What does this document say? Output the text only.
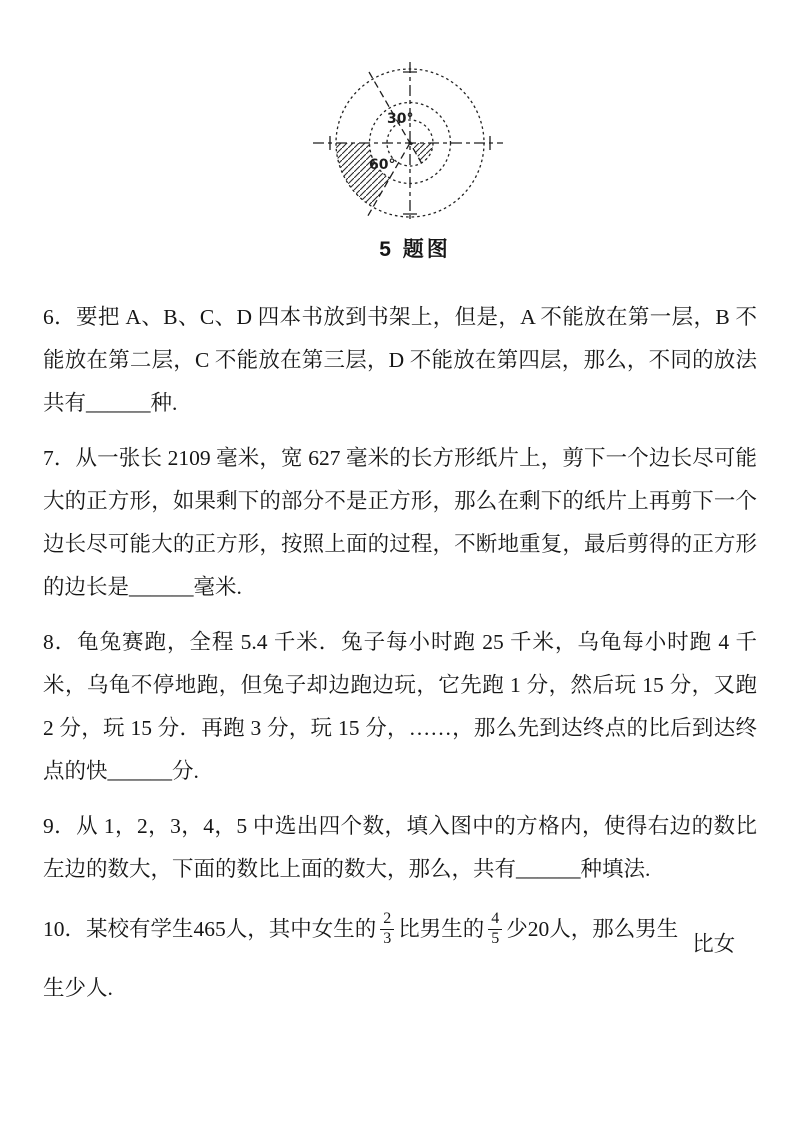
30°
60°
5 题图

6．要把 A、B、C、D 四本书放到书架上，但是，A 不能放在第一层，B 不能放在第二层，C 不能放在第三层，D 不能放在第四层，那么，不同的放法共有______种.

7．从一张长 2109 毫米，宽 627 毫米的长方形纸片上，剪下一个边长尽可能大的正方形，如果剩下的部分不是正方形，那么在剩下的纸片上再剪下一个边长尽可能大的正方形，按照上面的过程，不断地重复，最后剪得的正方形的边长是______毫米.

8．龟兔赛跑，全程 5.4 千米．兔子每小时跑 25 千米，乌龟每小时跑 4 千米，乌龟不停地跑，但兔子却边跑边玩，它先跑 1 分，然后玩 15 分，又跑 2 分，玩 15 分．再跑 3 分，玩 15 分，……，那么先到达终点的比后到达终点的快______分.

9．从 1，2，3，4，5 中选出四个数，填入图中的方格内，使得右边的数比左边的数大，下面的数比上面的数大，那么，共有______种填法.

10．某校有学生465人，其中女生的 $\frac{2}{3}$ 比男生的 $\frac{4}{5}$ 少20人，那么男生比女
生少人.
